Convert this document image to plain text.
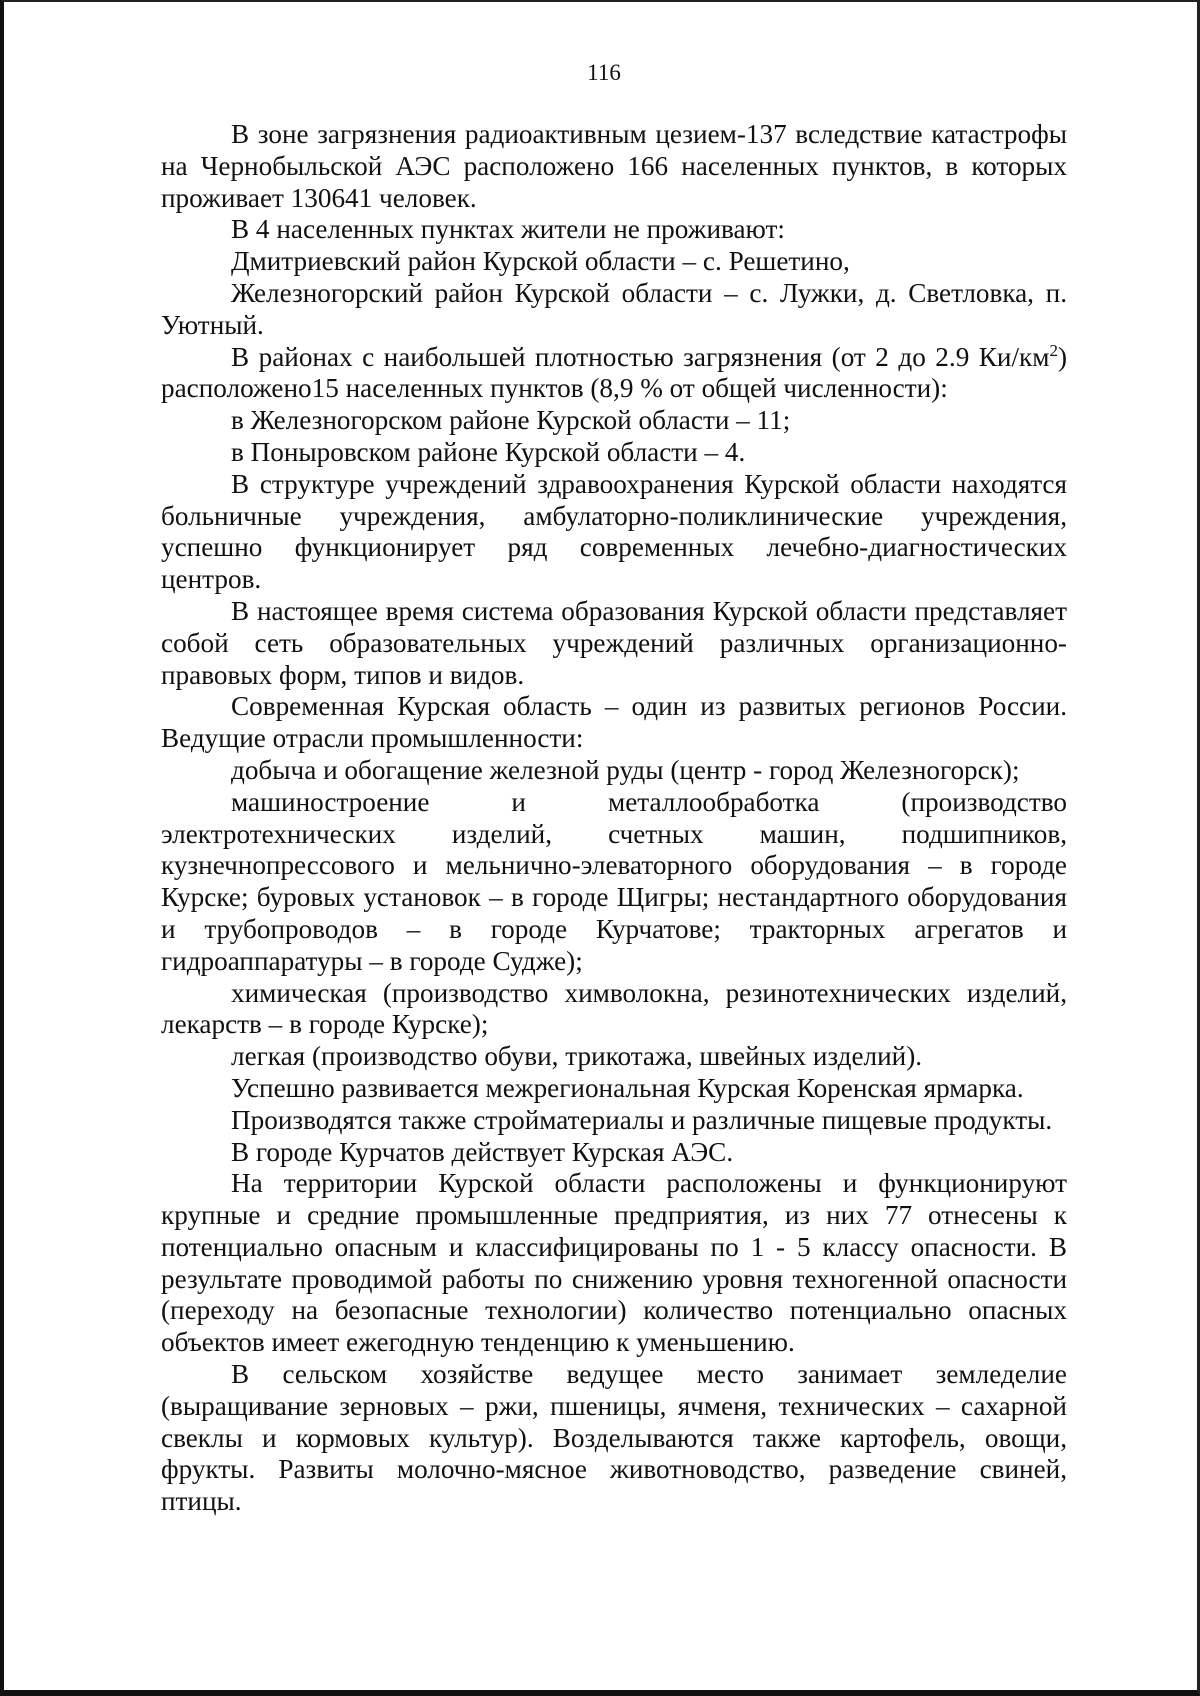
116

В зоне загрязнения радиоактивным цезием-137 вследствие катастрофы на Чернобыльской АЭС расположено 166 населенных пунктов, в которых проживает 130641 человек.

В 4 населенных пунктах жители не проживают:

Дмитриевский район Курской области – с. Решетино,

Железногорский район Курской области – с. Лужки, д. Светловка, п. Уютный.

В районах с наибольшей плотностью загрязнения (от 2 до 2.9 $Ки/км^2$) расположено15 населенных пунктов (8,9 % от общей численности):

в Железногорском районе Курской области – 11;

в Поныровском районе Курской области – 4.

В структуре учреждений здравоохранения Курской области находятся больничные учреждения, амбулаторно-поликлинические учреждения, успешно функционирует ряд современных лечебно-диагностических центров.

В настоящее время система образования Курской области представляет собой сеть образовательных учреждений различных организационно-правовых форм, типов и видов.

Современная Курская область – один из развитых регионов России. Ведущие отрасли промышленности:

добыча и обогащение железной руды (центр - город Железногорск);

машиностроение и металлообработка (производство электротехнических изделий, счетных машин, подшипников, кузнечнопрессового и мельнично-элеваторного оборудования – в городе Курске; буровых установок – в городе Щигры; нестандартного оборудования и трубопроводов – в городе Курчатове; тракторных агрегатов и гидроаппаратуры – в городе Судже);

химическая (производство химволокна, резинотехнических изделий, лекарств – в городе Курске);

легкая (производство обуви, трикотажа, швейных изделий).

Успешно развивается межрегиональная Курская Коренская ярмарка.

Производятся также стройматериалы и различные пищевые продукты.

В городе Курчатов действует Курская АЭС.

На территории Курской области расположены и функционируют крупные и средние промышленные предприятия, из них 77 отнесены к потенциально опасным и классифицированы по 1 - 5 классу опасности. В результате проводимой работы по снижению уровня техногенной опасности (переходу на безопасные технологии) количество потенциально опасных объектов имеет ежегодную тенденцию к уменьшению.

В сельском хозяйстве ведущее место занимает земледелие (выращивание зерновых – ржи, пшеницы, ячменя, технических – сахарной свеклы и кормовых культур). Возделываются также картофель, овощи, фрукты. Развиты молочно-мясное животноводство, разведение свиней, птицы.
